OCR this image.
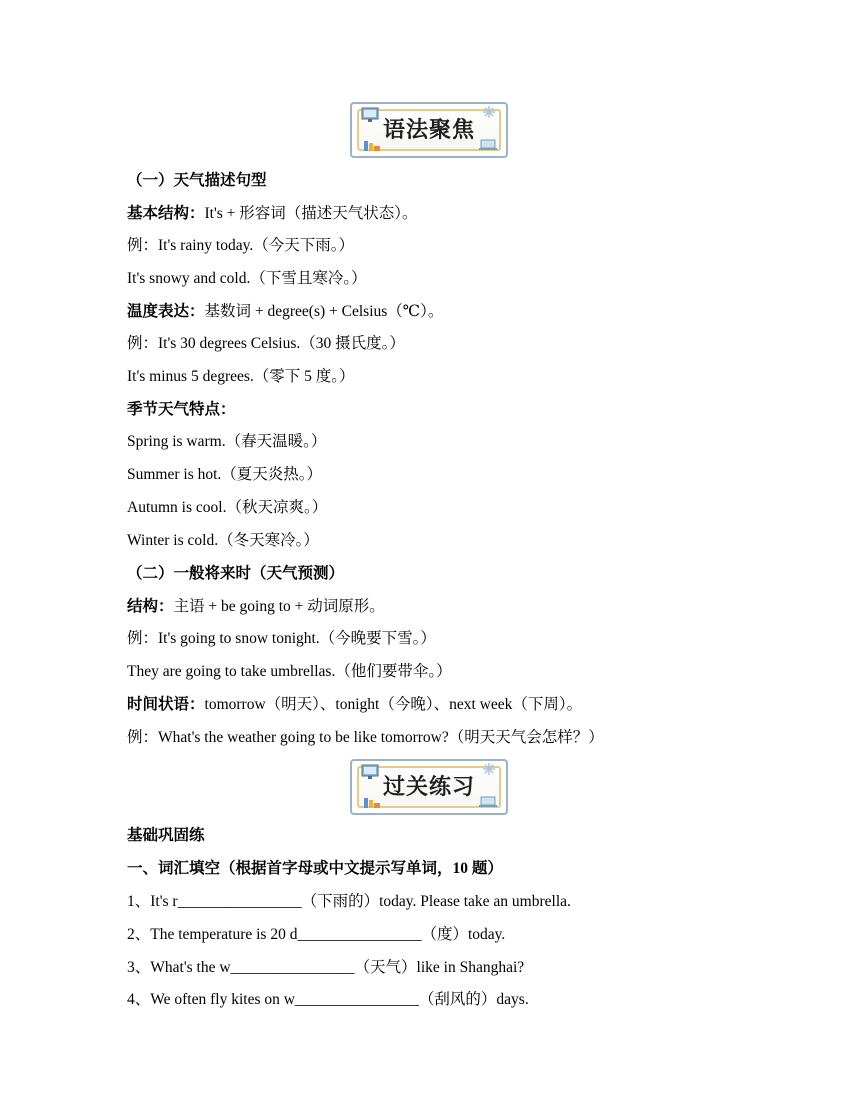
语法聚焦
（一）天气描述句型
基本结构：It's + 形容词（描述天气状态）。
例：It's rainy today.（今天下雨。）
It's snowy and cold.（下雪且寒冷。）
温度表达：基数词 + degree(s) + Celsius（℃）。
例：It's 30 degrees Celsius.（30 摄氏度。）
It's minus 5 degrees.（零下 5 度。）
季节天气特点：
Spring is warm.（春天温暖。）
Summer is hot.（夏天炎热。）
Autumn is cool.（秋天凉爽。）
Winter is cold.（冬天寒冷。）
（二）一般将来时（天气预测）
结构：主语 + be going to + 动词原形。
例：It's going to snow tonight.（今晚要下雪。）
They are going to take umbrellas.（他们要带伞。）
时间状语：tomorrow（明天）、tonight（今晚）、next week（下周）。
例：What's the weather going to be like tomorrow?（明天天气会怎样？）
过关练习
基础巩固练
一、词汇填空（根据首字母或中文提示写单词，10 题）
1、It's r________________（下雨的）today. Please take an umbrella.
2、The temperature is 20 d________________（度）today.
3、What's the w________________（天气）like in Shanghai?
4、We often fly kites on w________________（刮风的）days.
